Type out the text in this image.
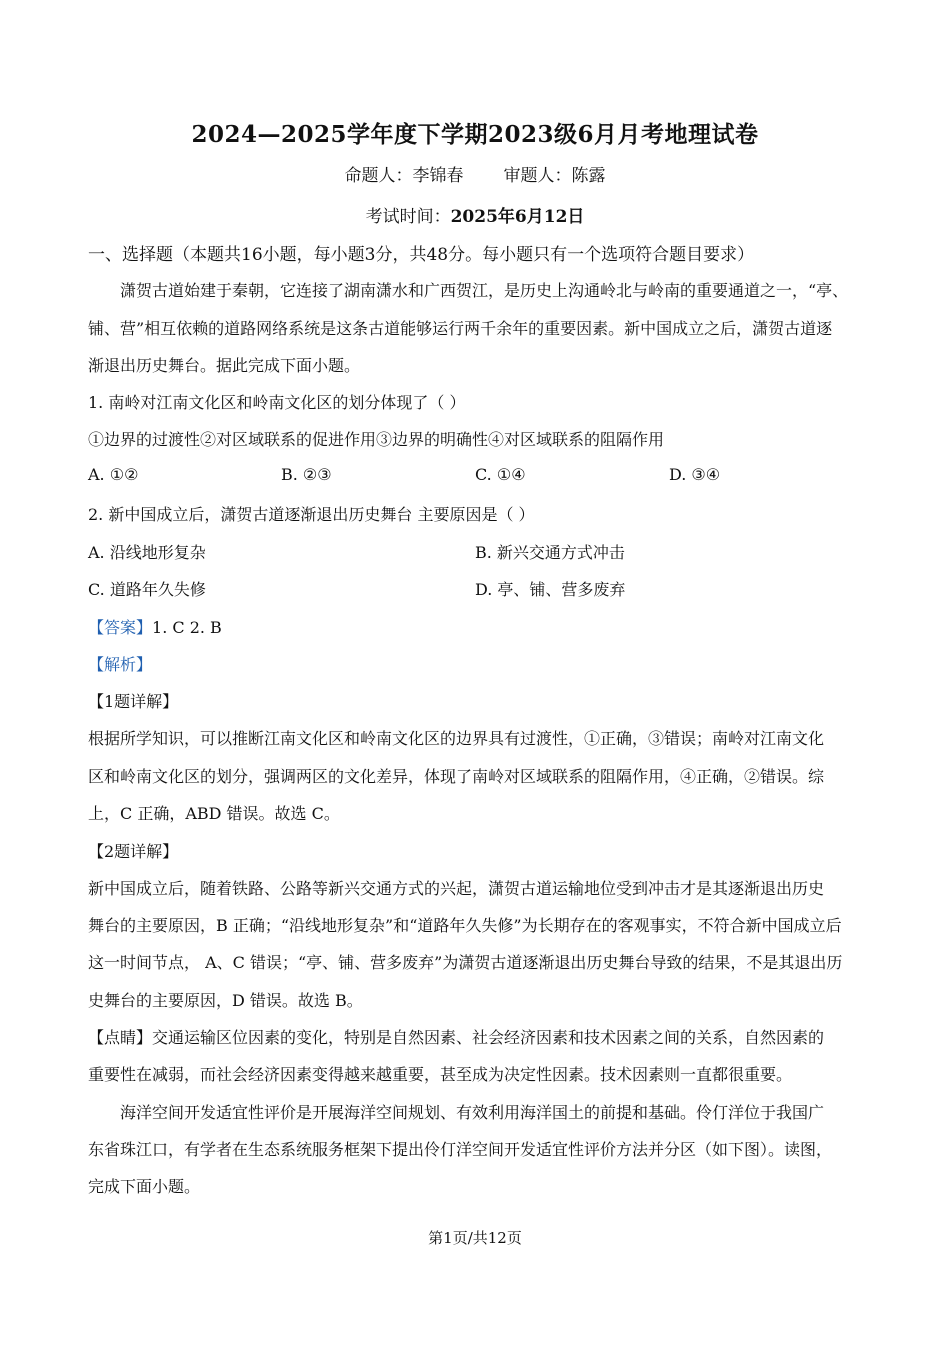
2024—2025学年度下学期2023级6月月考地理试卷
命题人：李锦春 审题人：陈露
考试时间：2025年6月12日
一、选择题（本题共16小题，每小题3分，共48分。每小题只有一个选项符合题目要求）
潇贺古道始建于秦朝，它连接了湖南潇水和广西贺江，是历史上沟通岭北与岭南的重要通道之一，“亭、
铺、营”相互依赖的道路网络系统是这条古道能够运行两千余年的重要因素。新中国成立之后，潇贺古道逐
渐退出历史舞台。据此完成下面小题。
1. 南岭对江南文化区和岭南文化区的划分体现了（ ）
①边界的过渡性②对区域联系的促进作用③边界的明确性④对区域联系的阻隔作用
A. ①②	B. ②③	C. ①④	D. ③④
2. 新中国成立后，潇贺古道逐渐退出历史舞台 主要原因是（ ）
A. 沿线地形复杂	B. 新兴交通方式冲击
C. 道路年久失修	D. 亭、铺、营多废弃
【答案】1. C 2. B
【解析】
【1题详解】
根据所学知识，可以推断江南文化区和岭南文化区的边界具有过渡性，①正确，③错误；南岭对江南文化
区和岭南文化区的划分，强调两区的文化差异，体现了南岭对区域联系的阻隔作用，④正确，②错误。综
上，C 正确，ABD 错误。故选 C。
【2题详解】
新中国成立后，随着铁路、公路等新兴交通方式的兴起，潇贺古道运输地位受到冲击才是其逐渐退出历史
舞台的主要原因，B 正确；“沿线地形复杂”和“道路年久失修”为长期存在的客观事实，不符合新中国成立后
这一时间节点， A、C 错误；“亭、铺、营多废弃”为潇贺古道逐渐退出历史舞台导致的结果，不是其退出历
史舞台的主要原因，D 错误。故选 B。
【点睛】交通运输区位因素的变化，特别是自然因素、社会经济因素和技术因素之间的关系，自然因素的
重要性在减弱，而社会经济因素变得越来越重要，甚至成为决定性因素。技术因素则一直都很重要。
海洋空间开发适宜性评价是开展海洋空间规划、有效利用海洋国土的前提和基础。伶仃洋位于我国广
东省珠江口，有学者在生态系统服务框架下提出伶仃洋空间开发适宜性评价方法并分区（如下图）。读图，
完成下面小题。
第1页/共12页
